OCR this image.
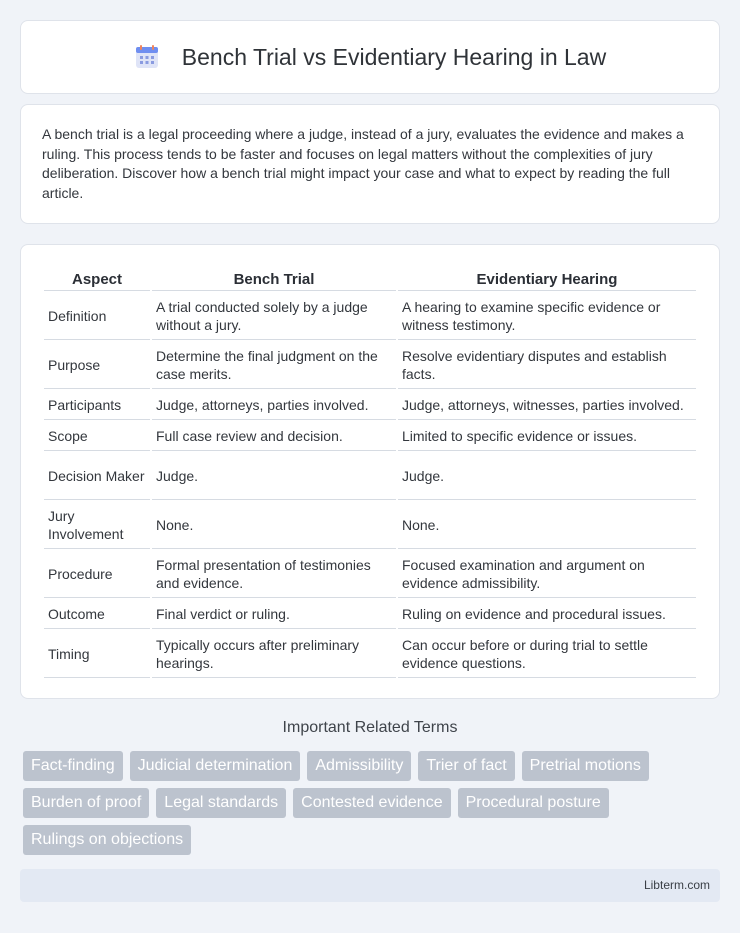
Bench Trial vs Evidentiary Hearing in Law

A bench trial is a legal proceeding where a judge, instead of a jury, evaluates the evidence and makes a ruling. This process tends to be faster and focuses on legal matters without the complexities of jury deliberation. Discover how a bench trial might impact your case and what to expect by reading the full article.

Aspect	Bench Trial	Evidentiary Hearing
Definition	A trial conducted solely by a judge without a jury.	A hearing to examine specific evidence or witness testimony.
Purpose	Determine the final judgment on the case merits.	Resolve evidentiary disputes and establish facts.
Participants	Judge, attorneys, parties involved.	Judge, attorneys, witnesses, parties involved.
Scope	Full case review and decision.	Limited to specific evidence or issues.
Decision Maker	Judge.	Judge.
Jury Involvement	None.	None.
Procedure	Formal presentation of testimonies and evidence.	Focused examination and argument on evidence admissibility.
Outcome	Final verdict or ruling.	Ruling on evidence and procedural issues.
Timing	Typically occurs after preliminary hearings.	Can occur before or during trial to settle evidence questions.
Important Related Terms
Fact-finding	Judicial determination	Admissibility	Trier of fact	Pretrial motions
Burden of proof	Legal standards	Contested evidence	Procedural posture
Rulings on objections
Libterm.com
